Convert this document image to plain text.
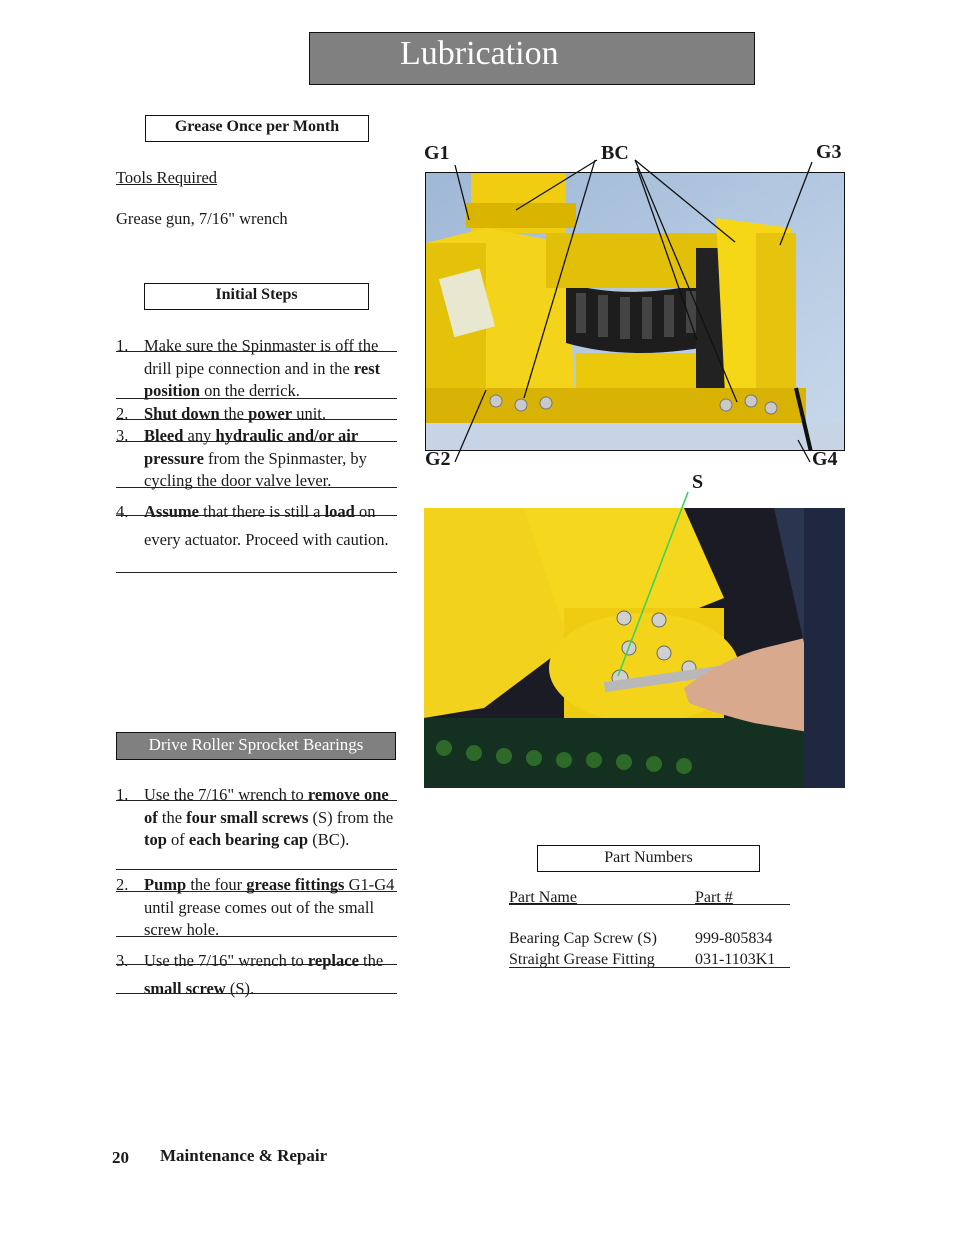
Lubrication
Grease Once per Month
Tools Required
Grease gun, 7/16" wrench
Initial Steps
1. Make sure the Spinmaster is off the drill pipe connection and in the rest position on the derrick.
2. Shut down the power unit.
3. Bleed any hydraulic and/or air pressure from the Spinmaster, by cycling the door valve lever.
4. Assume that there is still a load on every actuator. Proceed with caution.
Drive Roller Sprocket Bearings
1. Use the 7/16" wrench to remove one of the four small screws (S) from the top of each bearing cap (BC).
2. Pump the four grease fittings G1-G4 until grease comes out of the small screw hole.
3. Use the 7/16" wrench to replace the small screw (S).
G1	BC	G3
G2	G4
S
Part Numbers
Part Name	Part #
Bearing Cap Screw (S) 999-805834
Straight Grease Fitting	031-1103K1
20 Maintenance & Repair
